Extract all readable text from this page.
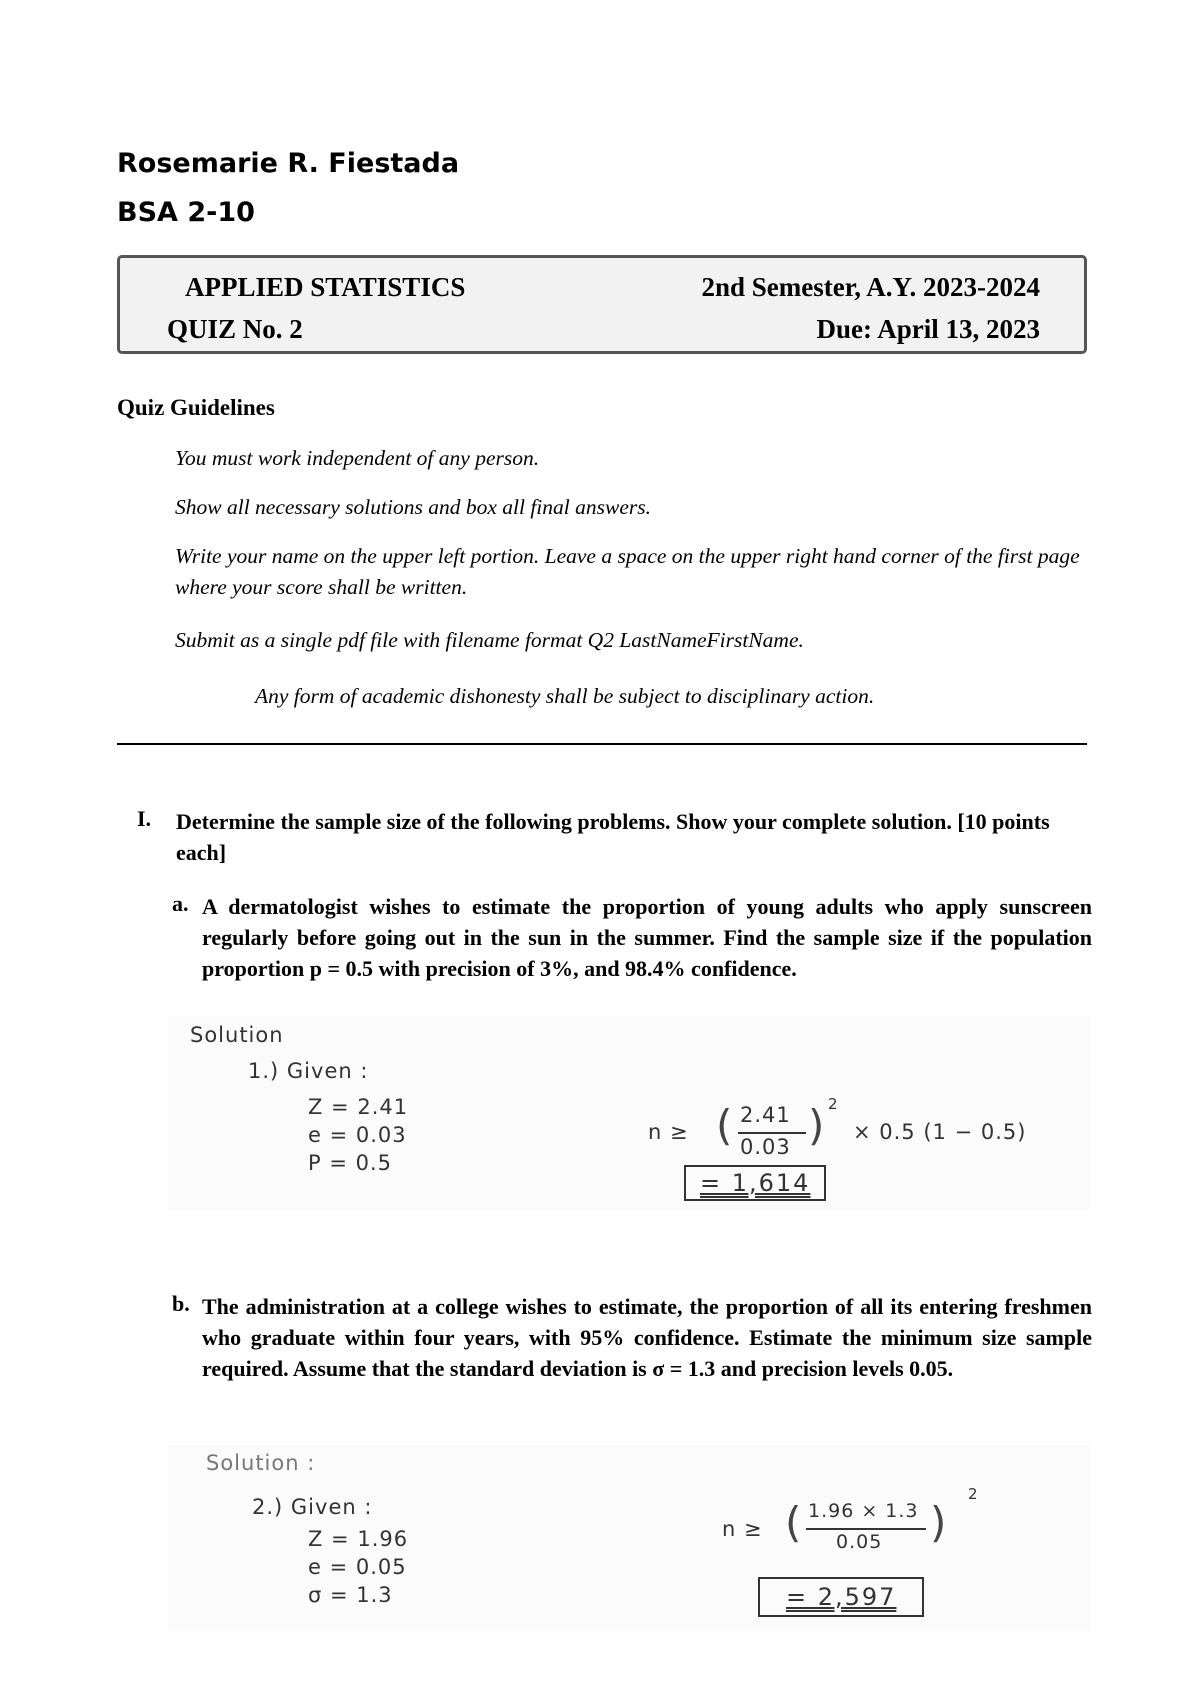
Rosemarie R. Fiestada
BSA 2-10
APPLIED STATISTICS
QUIZ No. 2
2nd Semester, A.Y. 2023-2024
Due: April 13, 2023
Quiz Guidelines
You must work independent of any person.
Show all necessary solutions and box all final answers.
Write your name on the upper left portion. Leave a space on the upper right hand corner of the first page where your score shall be written.
Submit as a single pdf file with filename format Q2 LastNameFirstName.
Any form of academic dishonesty shall be subject to disciplinary action.
I. Determine the sample size of the following problems. Show your complete solution. [10 points each]
a. A dermatologist wishes to estimate the proportion of young adults who apply sunscreen regularly before going out in the sun in the summer. Find the sample size if the population proportion p = 0.5 with precision of 3%, and 98.4% confidence.
Solution
1.) Given :
Z = 2.41
e = 0.03
P = 0.5
n ≥ ( 2.41
0.03 ) 2
× 0.5 (1 − 0.5)
= 1,614
b. The administration at a college wishes to estimate, the proportion of all its entering freshmen who graduate within four years, with 95% confidence. Estimate the minimum size sample required. Assume that the standard deviation is σ = 1.3 and precision levels 0.05.
Solution :
2.) Given :
Z = 1.96
e = 0.05
σ = 1.3
n ≥ ( 1.96 × 1.3
0.05 )
2
= 2,597
